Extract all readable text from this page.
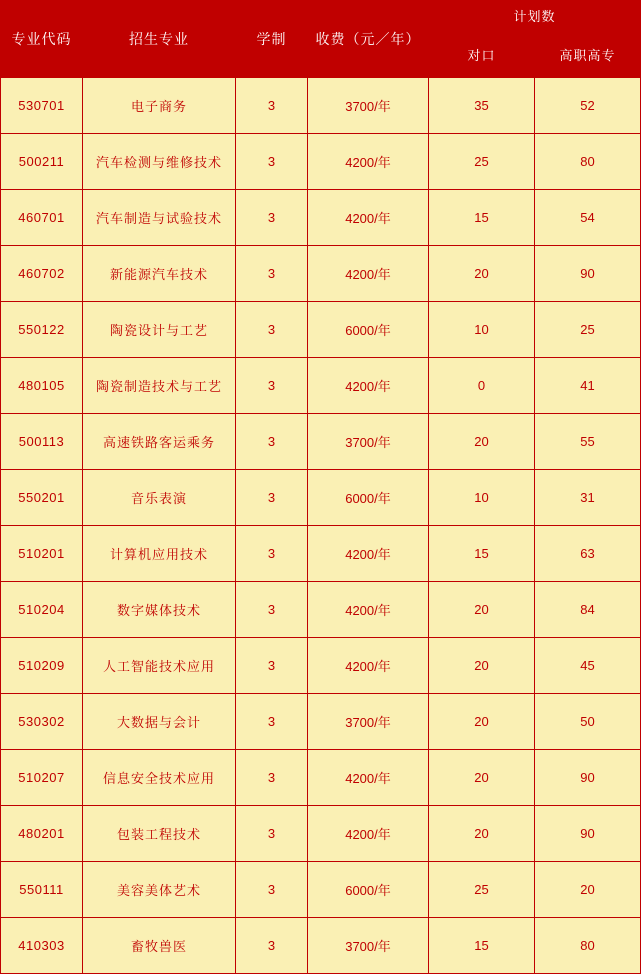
专业代码	招生专业	学制	收费（元／年）	计划数	
				对口	高职高专
530701	电子商务	3	3700/年	35	52
500211	汽车检测与维修技术	3	4200/年	25	80
460701	汽车制造与试验技术	3	4200/年	15	54
460702	新能源汽车技术	3	4200/年	20	90
550122	陶瓷设计与工艺	3	6000/年	10	25
480105	陶瓷制造技术与工艺	3	4200/年	0	41
500113	高速铁路客运乘务	3	3700/年	20	55
550201	音乐表演	3	6000/年	10	31
510201	计算机应用技术	3	4200/年	15	63
510204	数字媒体技术	3	4200/年	20	84
510209	人工智能技术应用	3	4200/年	20	45
530302	大数据与会计	3	3700/年	20	50
510207	信息安全技术应用	3	4200/年	20	90
480201	包装工程技术	3	4200/年	20	90
550111	美容美体艺术	3	6000/年	25	20
410303	畜牧兽医	3	3700/年	15	80
